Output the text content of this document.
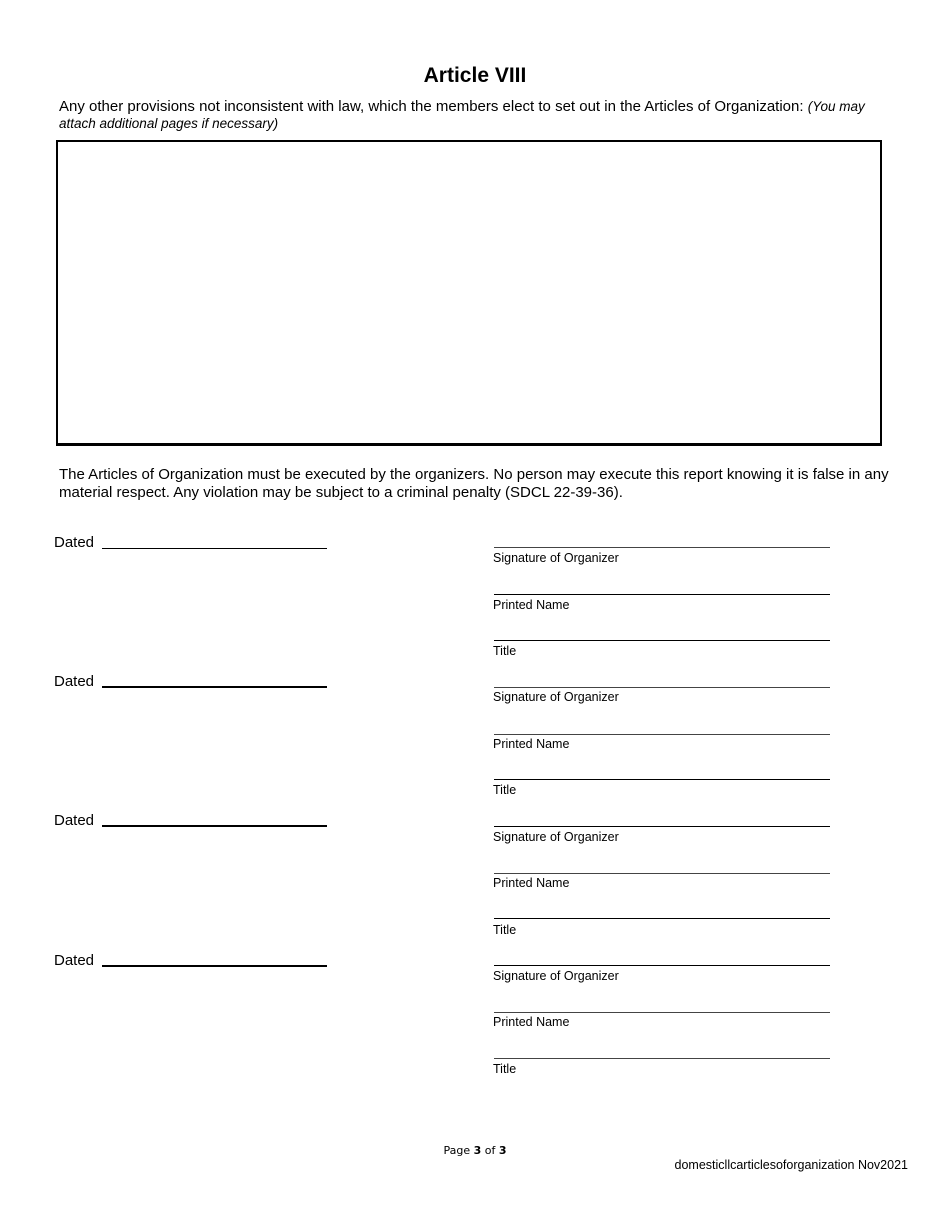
Article VIII
Any other provisions not inconsistent with law, which the members elect to set out in the Articles of Organization: (You may attach additional pages if necessary)
The Articles of Organization must be executed by the organizers. No person may execute this report knowing it is false in any material respect. Any violation may be subject to a criminal penalty (SDCL 22-39-36).
Dated
Signature of Organizer
Printed Name
Title
Dated
Signature of Organizer
Printed Name
Title
Dated
Signature of Organizer
Printed Name
Title
Dated
Signature of Organizer
Printed Name
Title
Page 3 of 3
domesticllcarticlesoforganization Nov2021
